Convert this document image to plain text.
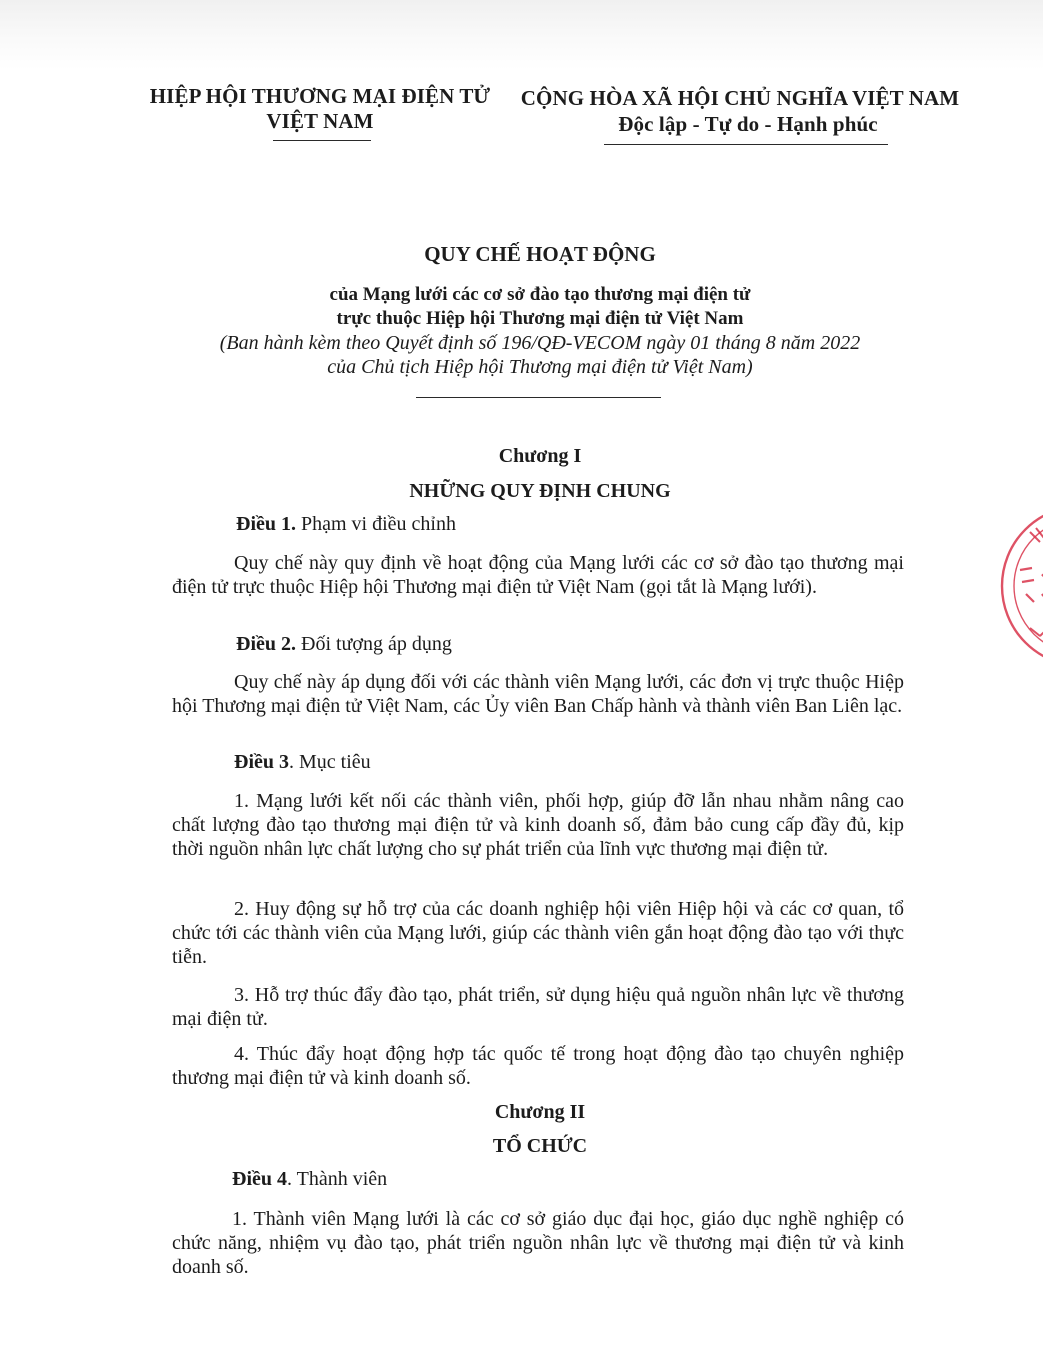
HIỆP HỘI THƯƠNG MẠI ĐIỆN TỬ
VIỆT NAM
CỘNG HÒA XÃ HỘI CHỦ NGHĨA VIỆT NAM
Độc lập - Tự do - Hạnh phúc
QUY CHẾ HOẠT ĐỘNG
của Mạng lưới các cơ sở đào tạo thương mại điện tử
trực thuộc Hiệp hội Thương mại điện tử Việt Nam
(Ban hành kèm theo Quyết định số 196/QĐ-VECOM ngày 01 tháng 8 năm 2022
của Chủ tịch Hiệp hội Thương mại điện tử Việt Nam)
Chương I
NHỮNG QUY ĐỊNH CHUNG
Điều 1. Phạm vi điều chỉnh
Quy chế này quy định về hoạt động của Mạng lưới các cơ sở đào tạo thương mại điện tử trực thuộc Hiệp hội Thương mại điện tử Việt Nam (gọi tắt là Mạng lưới).
Điều 2. Đối tượng áp dụng
Quy chế này áp dụng đối với các thành viên Mạng lưới, các đơn vị trực thuộc Hiệp hội Thương mại điện tử Việt Nam, các Ủy viên Ban Chấp hành và thành viên Ban Liên lạc.
Điều 3. Mục tiêu
1. Mạng lưới kết nối các thành viên, phối hợp, giúp đỡ lẫn nhau nhằm nâng cao chất lượng đào tạo thương mại điện tử và kinh doanh số, đảm bảo cung cấp đầy đủ, kịp thời nguồn nhân lực chất lượng cho sự phát triển của lĩnh vực thương mại điện tử.
2. Huy động sự hỗ trợ của các doanh nghiệp hội viên Hiệp hội và các cơ quan, tổ chức tới các thành viên của Mạng lưới, giúp các thành viên gắn hoạt động đào tạo với thực tiễn.
3. Hỗ trợ thúc đẩy đào tạo, phát triển, sử dụng hiệu quả nguồn nhân lực về thương mại điện tử.
4. Thúc đẩy hoạt động hợp tác quốc tế trong hoạt động đào tạo chuyên nghiệp thương mại điện tử và kinh doanh số.
Chương II
TỔ CHỨC
Điều 4. Thành viên
1. Thành viên Mạng lưới là các cơ sở giáo dục đại học, giáo dục nghề nghiệp có chức năng, nhiệm vụ đào tạo, phát triển nguồn nhân lực về thương mại điện tử và kinh doanh số.
